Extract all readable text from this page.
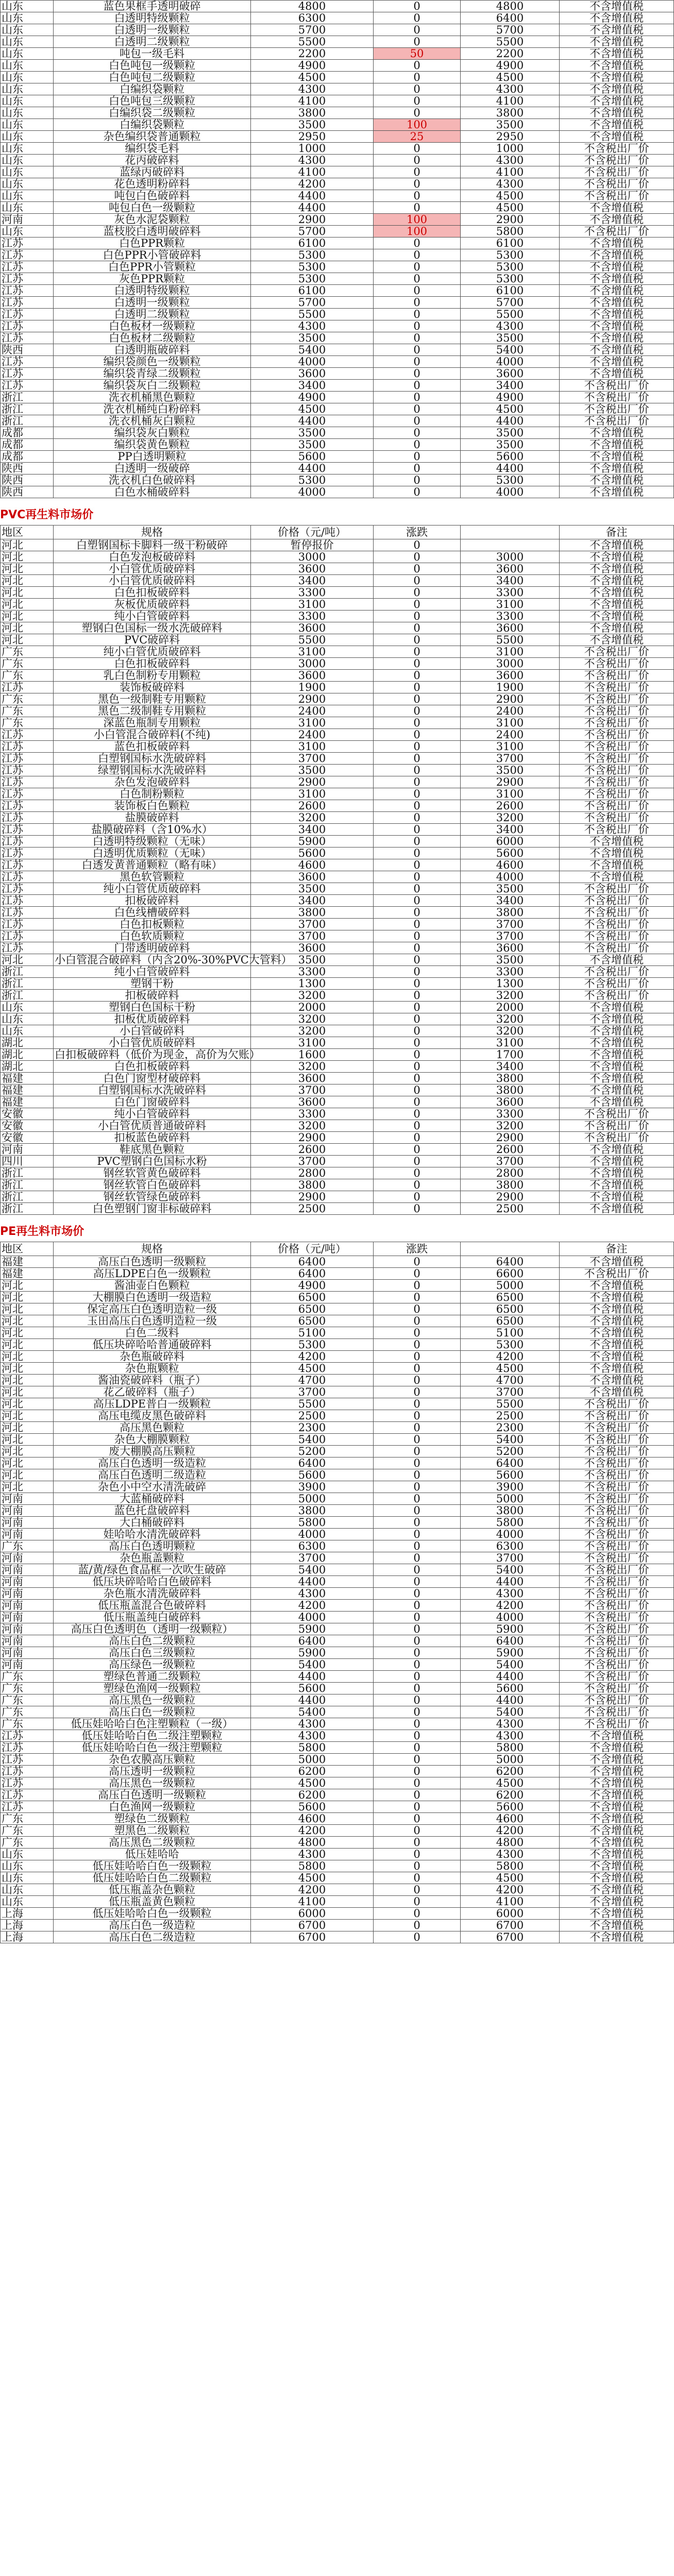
山东	蓝色果框手透明破碎	4800	0	4800	不含增值税
山东	白透明特级颗粒	6300	0	6400	不含增值税
山东	白透明一级颗粒	5700	0	5700	不含增值税
山东	白透明二级颗粒	5500	0	5500	不含增值税
山东	吨包一级毛料	2200	50	2200	不含增值税
山东	白色吨包一级颗粒	4900	0	4900	不含增值税
山东	白色吨包二级颗粒	4500	0	4500	不含增值税
山东	白编织袋颗粒	4300	0	4300	不含增值税
山东	白色吨包三级颗粒	4100	0	4100	不含增值税
山东	白编织袋二级颗粒	3800	0	3800	不含增值税
山东	白编织袋颗粒	3500	100	3500	不含增值税
山东	杂色编织袋普通颗粒	2950	25	2950	不含增值税
山东	编织袋毛料	1000	0	1000	不含税出厂价
山东	花丙破碎料	4300	0	4300	不含税出厂价
山东	蓝绿丙破碎料	4100	0	4100	不含税出厂价
山东	花色透明粉碎料	4200	0	4300	不含税出厂价
山东	吨包白色破碎料	4400	0	4500	不含税出厂价
山东	吨包白色一级颗粒	4400	0	4500	不含增值税
河南	灰色水泥袋颗粒	2900	100	2900	不含增值税
山东	蓝枝胶白透明破碎料	5700	100	5800	不含税出厂价
江苏	白色PPR颗粒	6100	0	6100	不含增值税
江苏	白色PPR小管破碎料	5300	0	5300	不含增值税
江苏	白色PPR小管颗粒	5300	0	5300	不含增值税
江苏	灰色PPR颗粒	5300	0	5300	不含增值税
江苏	白透明特级颗粒	6100	0	6100	不含增值税
江苏	白透明一级颗粒	5700	0	5700	不含增值税
江苏	白透明二级颗粒	5500	0	5500	不含增值税
江苏	白色板材一级颗粒	4300	0	4300	不含增值税
江苏	白色板材二级颗粒	3500	0	3500	不含增值税
陕西	白透明瓶破碎料	5400	0	5400	不含增值税
江苏	编织袋颜色一级颗粒	4000	0	4000	不含增值税
江苏	编织袋青绿二级颗粒	3600	0	3600	不含增值税
江苏	编织袋灰白二级颗粒	3400	0	3400	不含税出厂价
浙江	洗衣机桶黑色颗粒	4900	0	4900	不含税出厂价
浙江	洗衣机桶纯白粉碎料	4500	0	4500	不含税出厂价
浙江	洗衣机桶灰白颗粒	4400	0	4400	不含税出厂价
成都	编织袋灰白颗粒	3500	0	3500	不含增值税
成都	编织袋黄色颗粒	3500	0	3500	不含增值税
成都	PP白透明颗粒	5600	0	5600	不含增值税
陕西	白透明一级破碎	4400	0	4400	不含增值税
陕西	洗衣机白色破碎料	5300	0	5300	不含增值税
陕西	白色水桶破碎料	4000	0	4000	不含增值税
PVC再生料市场价
地区	规格	价格（元/吨）	涨跌		备注
河北	白塑钢国标卡脚料一级干粉破碎	暂停报价	0		不含增值税
河北	白色发泡板破碎料	3000	0	3000	不含增值税
河北	小白管优质破碎料	3600	0	3600	不含增值税
河北	小白管优质破碎料	3400	0	3400	不含增值税
河北	白色扣板破碎料	3300	0	3300	不含增值税
河北	灰板优质破碎料	3100	0	3100	不含增值税
河北	纯小白管破碎料	3300	0	3300	不含增值税
河北	塑钢白色国标一级水洗破碎料	3600	0	3600	不含增值税
河北	PVC破碎料	5500	0	5500	不含增值税
广东	纯小白管优质破碎料	3100	0	3100	不含税出厂价
广东	白色扣板破碎料	3000	0	3000	不含税出厂价
广东	乳白色制粉专用颗粒	3600	0	3600	不含税出厂价
江苏	装饰板破碎料	1900	0	1900	不含税出厂价
广东	黑色一级制鞋专用颗粒	2900	0	2900	不含税出厂价
广东	黑色二级制鞋专用颗粒	2400	0	2400	不含税出厂价
广东	深蓝色瓶制专用颗粒	3100	0	3100	不含税出厂价
江苏	小白管混合破碎料(不纯)	2400	0	2400	不含税出厂价
江苏	蓝色扣板破碎料	3100	0	3100	不含税出厂价
江苏	白塑钢国标水洗破碎料	3700	0	3700	不含税出厂价
江苏	绿塑钢国标水洗破碎料	3500	0	3500	不含税出厂价
江苏	杂色发泡破碎料	2900	0	2900	不含税出厂价
江苏	白色制粉颗粒	3100	0	3100	不含税出厂价
江苏	装饰板白色颗粒	2600	0	2600	不含税出厂价
江苏	盐膜破碎料	3200	0	3200	不含税出厂价
江苏	盐膜破碎料（含10%水）	3400	0	3400	不含税出厂价
江苏	白透明特级颗粒（无味）	5900	0	6000	不含增值税
江苏	白透明优质颗粒（无味）	5600	0	5600	不含增值税
江苏	白透发黄普通颗粒（略有味）	4600	0	4600	不含增值税
江苏	黑色软管颗粒	3600	0	4000	不含增值税
江苏	纯小白管优质破碎料	3500	0	3500	不含税出厂价
江苏	扣板破碎料	3400	0	3400	不含税出厂价
江苏	白色线槽破碎料	3800	0	3800	不含税出厂价
江苏	白色扣板颗粒	3700	0	3700	不含税出厂价
江苏	白色软质颗粒	3700	0	3700	不含税出厂价
江苏	门带透明破碎料	3600	0	3600	不含税出厂价
河北	小白管混合破碎料（内含20%-30%PVC大管料）	3500	0	3500	不含增值税
浙江	纯小白管破碎料	3300	0	3300	不含税出厂价
浙江	塑钢干粉	1300	0	1300	不含税出厂价
浙江	扣板破碎料	3200	0	3200	不含税出厂价
山东	塑钢白色国标干粉	2000	0	2000	不含增值税
山东	扣板优质破碎料	3200	0	3200	不含增值税
山东	小白管破碎料	3200	0	3200	不含增值税
湖北	小白管优质破碎料	3100	0	3100	不含增值税
湖北	白扣板破碎料（低价为现金，高价为欠账）	1600	0	1700	不含增值税
湖北	白色扣板破碎料	3200	0	3400	不含增值税
福建	白色门窗型材破碎料	3600	0	3800	不含增值税
福建	白塑钢国标水洗破碎料	3700	0	3800	不含增值税
福建	白色门窗破碎料	3600	0	3600	不含增值税
安徽	纯小白管破碎料	3300	0	3300	不含税出厂价
安徽	小白管优质普通破碎料	3200	0	3200	不含税出厂价
安徽	扣板蓝色破碎料	2900	0	2900	不含税出厂价
河南	鞋底黑色颗粒	2600	0	2600	不含增值税
四川	PVC塑钢白色国标水粉	3700	0	3700	不含增值税
浙江	钢丝软管黄色破碎料	2800	0	2800	不含增值税
浙江	钢丝软管白色破碎料	3800	0	3800	不含增值税
浙江	钢丝软管绿色破碎料	2900	0	2900	不含增值税
浙江	白色塑钢门窗非标破碎料	2500	0	2500	不含增值税
PE再生料市场价
地区	规格	价格（元/吨）	涨跌		备注
福建	高压白色透明一级颗粒	6400	0	6400	不含增值税
福建	高压LDPE白色一级颗粒	6400	0	6600	不含税出厂价
河北	酱油壶白色颗粒	4900	0	5000	不含增值税
河北	大棚膜白色透明一级造粒	6500	0	6500	不含增值税
河北	保定高压白色透明造粒一级	6500	0	6500	不含增值税
河北	玉田高压白色透明造粒一级	6500	0	6500	不含增值税
河北	白色二级料	5100	0	5100	不含增值税
河北	低压块碎哈哈普通破碎料	5300	0	5300	不含增值税
河北	杂色瓶破碎料	4200	0	4200	不含增值税
河北	杂色瓶颗粒	4500	0	4500	不含增值税
河北	酱油瓷破碎料（瓶子）	4700	0	4700	不含增值税
河北	花乙破碎料（瓶子）	3700	0	3700	不含增值税
河北	高压LDPE普白一级颗粒	5500	0	5500	不含税出厂价
河北	高压电缆皮黑色破碎料	2500	0	2500	不含税出厂价
河北	高压黑色颗粒	2300	0	2300	不含税出厂价
河北	杂色大棚膜颗粒	5400	0	5400	不含税出厂价
河北	废大棚膜高压颗粒	5200	0	5200	不含税出厂价
河北	高压白色透明一级造粒	6400	0	6400	不含税出厂价
河北	高压白色透明二级造粒	5600	0	5600	不含税出厂价
河北	杂色小中空水清洗破碎	3900	0	3900	不含税出厂价
河南	大蓝桶破碎料	5000	0	5000	不含税出厂价
河南	蓝色托盘破碎料	3800	0	3800	不含税出厂价
河南	大白桶破碎料	5800	0	5800	不含税出厂价
河南	娃哈哈水清洗破碎料	4000	0	4000	不含税出厂价
广东	高压白色透明颗粒	6300	0	6300	不含税出厂价
河南	杂色瓶盖颗粒	3700	0	3700	不含税出厂价
河南	蓝/黄/绿色食品框一次吹生破碎	5400	0	5400	不含税出厂价
河南	低压块碎哈哈白色破碎料	4400	0	4400	不含税出厂价
河南	杂色瓶水清洗破碎料	4300	0	4300	不含税出厂价
河南	低压瓶盖混合色破碎料	4200	0	4200	不含税出厂价
河南	低压瓶盖纯白破碎料	4000	0	4000	不含税出厂价
河南	高压白色透明色（透明一级颗粒）	5900	0	5900	不含税出厂价
河南	高压白色二级颗粒	6400	0	6400	不含税出厂价
河南	高压白色三级颗粒	5900	0	5900	不含税出厂价
河南	高压绿色一级颗粒	5400	0	5400	不含税出厂价
广东	塑绿色普通二级颗粒	4400	0	4400	不含税出厂价
广东	塑绿色渔网一级颗粒	5600	0	5600	不含税出厂价
广东	高压黑色一级颗粒	4400	0	4400	不含税出厂价
广东	高压白色一级颗粒	5400	0	5400	不含税出厂价
广东	低压娃哈哈白色注塑颗粒（一级）	4300	0	4300	不含税出厂价
江苏	低压娃哈哈白色二级注塑颗粒	4300	0	4300	不含增值税
江苏	低压娃哈哈白色一级注塑颗粒	5800	0	5800	不含增值税
江苏	杂色农膜高压颗粒	5000	0	5000	不含增值税
江苏	高压透明一级颗粒	6200	0	6200	不含增值税
江苏	高压黑色一级颗粒	4500	0	4500	不含增值税
江苏	高压白色透明一级颗粒	6200	0	6200	不含增值税
江苏	白色渔网一级颗粒	5600	0	5600	不含增值税
广东	塑绿色二级颗粒	4600	0	4600	不含增值税
广东	塑黑色二级颗粒	4200	0	4200	不含增值税
广东	高压黑色二级颗粒	4800	0	4800	不含增值税
山东	低压娃哈哈	4300	0	4300	不含增值税
山东	低压娃哈哈白色一级颗粒	5800	0	5800	不含增值税
山东	低压娃哈哈白色二级颗粒	4500	0	4500	不含增值税
山东	低压瓶盖杂色颗粒	4200	0	4200	不含增值税
山东	低压瓶盖黄色颗粒	4100	0	4100	不含增值税
上海	低压娃哈哈白色一级颗粒	6000	0	6000	不含增值税
上海	高压白色一级造粒	6700	0	6700	不含增值税
上海	高压白色二级造粒	6700	0	6700	不含增值税
